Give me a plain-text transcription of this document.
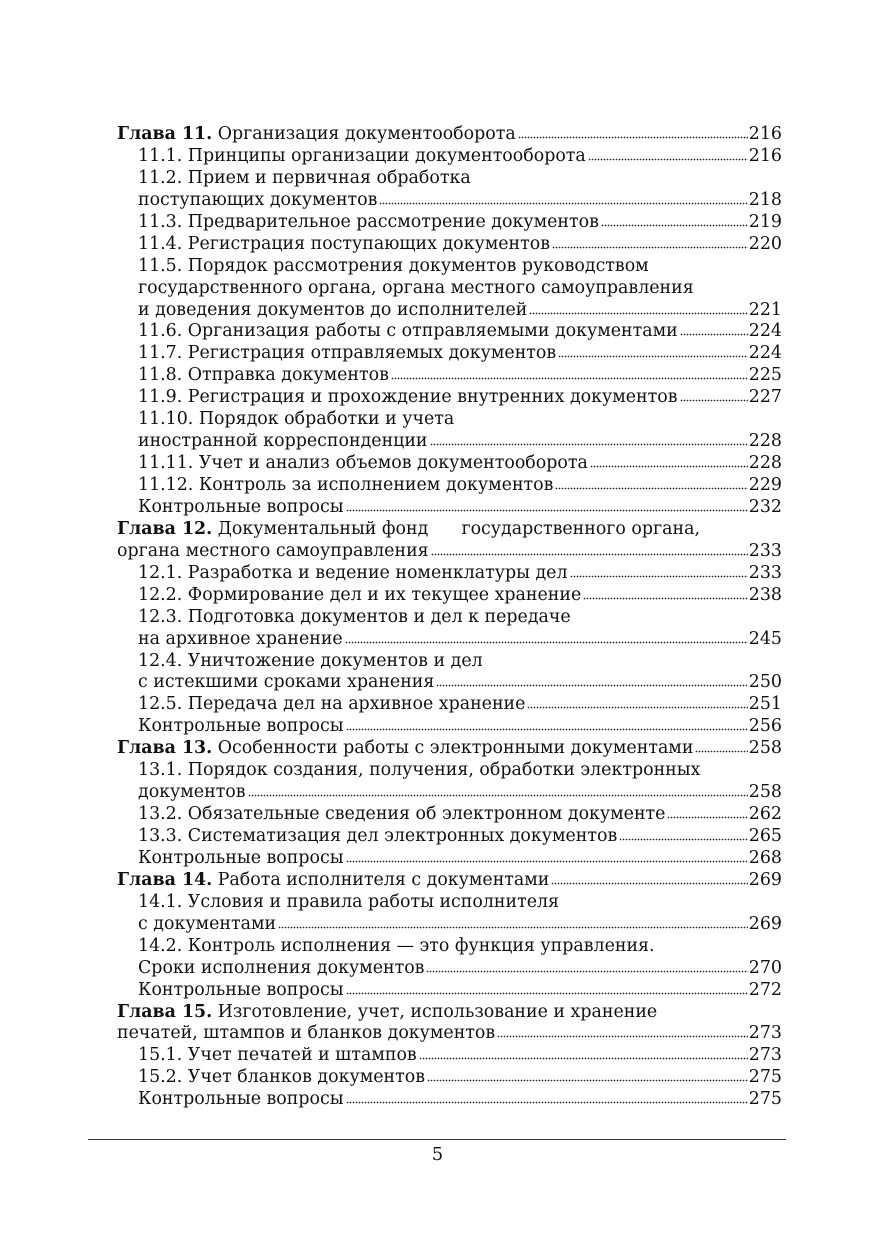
Глава 11. Организация документооборота	216
11.1. Принципы организации документооборота	216
11.2. Прием и первичная обработка
поступающих документов	218
11.3. Предварительное рассмотрение документов	219
11.4. Регистрация поступающих документов	220
11.5. Порядок рассмотрения документов руководством
государственного органа, органа местного самоуправления
и доведения документов до исполнителей	221
11.6. Организация работы с отправляемыми документами	224
11.7. Регистрация отправляемых документов	224
11.8. Отправка документов	225
11.9. Регистрация и прохождение внутренних документов	227
11.10. Порядок обработки и учета
иностранной корреспонденции	228
11.11. Учет и анализ объемов документооборота	228
11.12. Контроль за исполнением документов	229
Контрольные вопросы	232
Глава 12. Документальный фонд      государственного органа,
органа местного самоуправления	233
12.1. Разработка и ведение номенклатуры дел	233
12.2. Формирование дел и их текущее хранение	238
12.3. Подготовка документов и дел к передаче
на архивное хранение	245
12.4. Уничтожение документов и дел
с истекшими сроками хранения	250
12.5. Передача дел на архивное хранение	251
Контрольные вопросы	256
Глава 13. Особенности работы с электронными документами	258
13.1. Порядок создания, получения, обработки электронных
документов	258
13.2. Обязательные сведения об электронном документе	262
13.3. Систематизация дел электронных документов	265
Контрольные вопросы	268
Глава 14. Работа исполнителя с документами	269
14.1. Условия и правила работы исполнителя
с документами	269
14.2. Контроль исполнения — это функция управления.
Сроки исполнения документов	270
Контрольные вопросы	272
Глава 15. Изготовление, учет, использование и хранение
печатей, штампов и бланков документов	273
15.1. Учет печатей и штампов	273
15.2. Учет бланков документов	275
Контрольные вопросы	275
5
